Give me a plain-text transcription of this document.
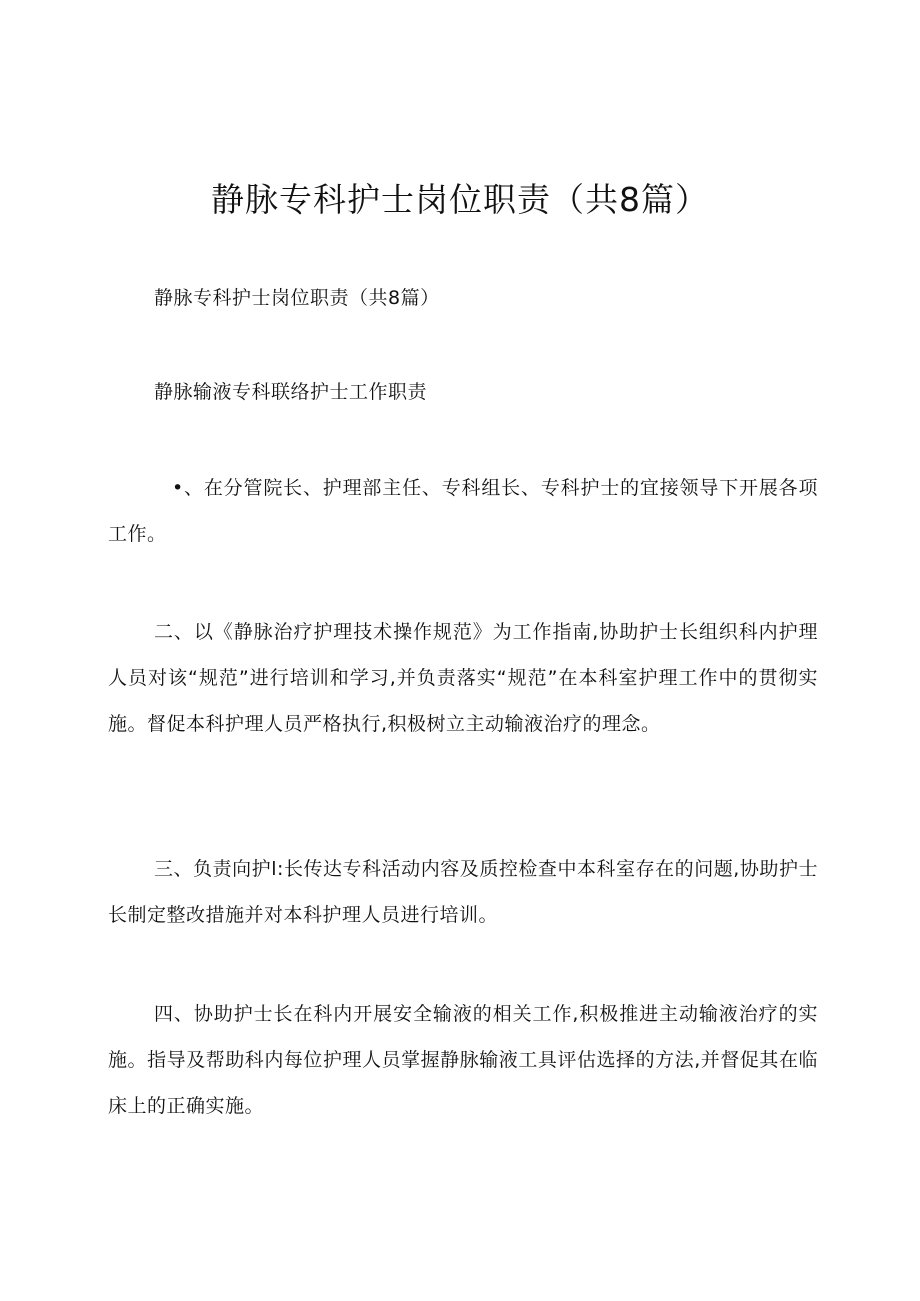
静脉专科护士岗位职责（共8篇）

静脉专科护士岗位职责（共8篇）

静脉输液专科联络护士工作职责

•、在分管院长、护理部主任、专科组长、专科护士的宜接领导下开展各项工作。

二、以《静脉治疗护理技术操作规范》为工作指南,协助护士长组织科内护理人员对该“规范”进行培训和学习,并负责落实“规范”在本科室护理工作中的贯彻实施。督促本科护理人员严格执行,积极树立主动输液治疗的理念。

三、负责向护l:长传达专科活动内容及质控检查中本科室存在的问题,协助护士长制定整改措施并对本科护理人员进行培训。

四、协助护士长在科内开展安全输液的相关工作,积极推进主动输液治疗的实施。指导及帮助科内每位护理人员掌握静脉输液工具评估选择的方法,并督促其在临床上的正确实施。
